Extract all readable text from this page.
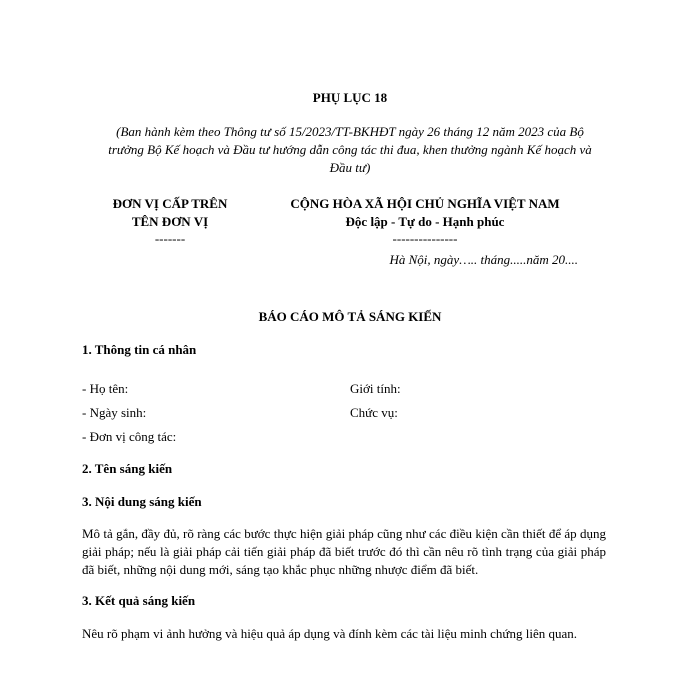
PHỤ LỤC 18
(Ban hành kèm theo Thông tư số 15/2023/TT-BKHĐT ngày 26 tháng 12 năm 2023 của Bộ
trưởng Bộ Kế hoạch và Đầu tư hướng dẫn công tác thi đua, khen thưởng ngành Kế hoạch và
Đầu tư)
ĐƠN VỊ CẤP TRÊN
TÊN ĐƠN VỊ
-------
CỘNG HÒA XÃ HỘI CHỦ NGHĨA VIỆT NAM
Độc lập - Tự do - Hạnh phúc
---------------
Hà Nội, ngày….. tháng.....năm 20....
BÁO CÁO MÔ TẢ SÁNG KIẾN
1. Thông tin cá nhân
- Họ tên:	Giới tính:
- Ngày sinh:	Chức vụ:
- Đơn vị công tác:
2. Tên sáng kiến
3. Nội dung sáng kiến
Mô tả gắn, đầy đủ, rõ ràng các bước thực hiện giải pháp cũng như các điều kiện cần thiết để áp dụng giải pháp; nếu là giải pháp cải tiến giải pháp đã biết trước đó thì cần nêu rõ tình trạng của giải pháp đã biết, những nội dung mới, sáng tạo khắc phục những nhược điểm đã biết.
3. Kết quả sáng kiến
Nêu rõ phạm vi ảnh hưởng và hiệu quả áp dụng và đính kèm các tài liệu minh chứng liên quan.
